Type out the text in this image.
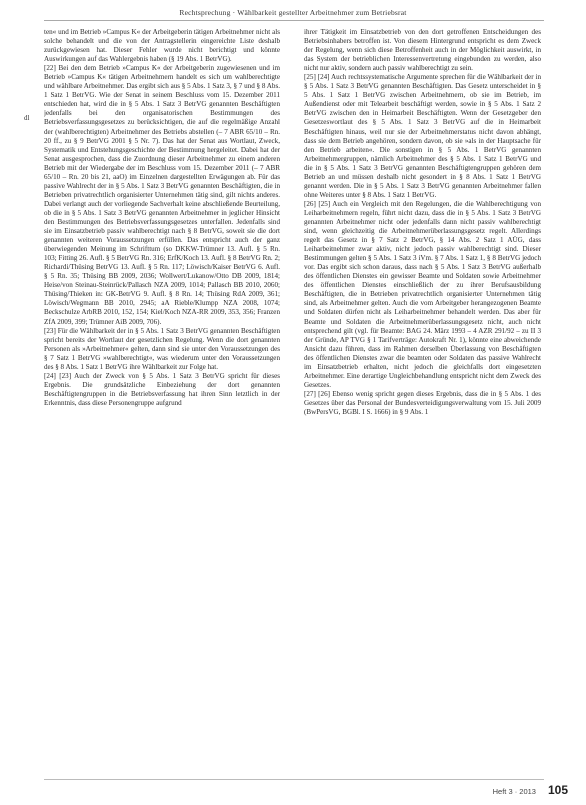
Rechtsprechung · Wählbarkeit gestellter Arbeitnehmer zum Betriebsrat
dl

ten« und im Betrieb »Campus K« der Arbeitgeberin tätigen Arbeitnehmer nicht als solche behandelt und die von der Antragstellerin eingereichte Liste deshalb zurückgewiesen hat. Dieser Fehler wurde nicht berichtigt und könnte Auswirkungen auf das Wahlergebnis haben (§ 19 Abs. 1 BetrVG).

[22] Bei den dem Betrieb »Campus K« der Arbeitgeberin zugewiesenen und im Betrieb »Campus K« tätigen Arbeitnehmern handelt es sich um wahlberechtigte und wählbare Arbeitnehmer. Das ergibt sich aus § 5 Abs. 1 Satz 3, § 7 und § 8 Abs. 1 Satz 1 BetrVG. Wie der Senat in seinem Beschluss vom 15. Dezember 2011 entschieden hat, wird die in § 5 Abs. 1 Satz 3 BetrVG genannten Beschäftigten jedenfalls bei den organisatorischen Bestimmungen des Betriebsverfassungsgesetzes zu berücksichtigen, die auf die regelmäßige Anzahl der (wahlberechtigten) Arbeitnehmer des Betriebs abstellen (– 7 ABR 65/10 – Rn. 20 ff., zu § 9 BetrVG 2001 § 5 Nr. 7). Das hat der Senat aus Wortlaut, Zweck, Systematik und Entstehungsgeschichte der Bestimmung hergeleitet. Dabei hat der Senat ausgesprochen, dass die Zuordnung dieser Arbeitnehmer zu einem anderen Betrieb mit der Wiedergabe der im Beschluss vom 15. Dezember 2011 (– 7 ABR 65/10 – Rn. 20 bis 21, aaO) im Einzelnen dargestellten Erwägungen ab. Für das passive Wahlrecht der in § 5 Abs. 1 Satz 3 BetrVG genannten Beschäftigten, die in Betrieben privatrechtlich organisierter Unternehmen tätig sind, gilt nichts anderes. Dabei verlangt auch der vorliegende Sachverhalt keine abschließende Beurteilung, ob die in § 5 Abs. 1 Satz 3 BetrVG genannten Arbeitnehmer in jeglicher Hinsicht den Bestimmungen des Betriebsverfassungsgesetzes unterfallen. Jedenfalls sind sie im Einsatzbetrieb passiv wahlberechtigt nach § 8 BetrVG, soweit sie die dort genannten weiteren Voraussetzungen erfüllen. Das entspricht auch der ganz überwiegenden Meinung im Schrifttum (so DKKW-Trümner 13. Aufl. § 5 Rn. 103; Fitting 26. Aufl. § 5 BetrVG Rn. 316; ErfK/Koch 13. Aufl. § 8 BetrVG Rn. 2; Richardi/Thüsing BetrVG 13. Aufl. § 5 Rn. 117; Löwisch/Kaiser BetrVG 6. Aufl. § 5 Rn. 35; Thüsing BB 2009, 2036; Wollwert/Lukanow/Otto DB 2009, 1814; Heise/von Steinau-Steinrück/Pallasch NZA 2009, 1014; Pallasch BB 2010, 2060; Thüsing/Thieken in: GK-BetrVG 9. Aufl. § 8 Rn. 14; Thüsing RdA 2009, 361; Löwisch/Wegmann BB 2010, 2945; aA Rieble/Klumpp NZA 2008, 1074; Beckschulze ArbRB 2010, 152, 154; Kiel/Koch NZA-RR 2009, 353, 356; Franzen ZfA 2009, 399; Trümner AiB 2009, 706).

[23] Für die Wählbarkeit der in § 5 Abs. 1 Satz 3 BetrVG genannten Beschäftigten spricht bereits der Wortlaut der gesetzlichen Regelung. Wenn die dort genannten Personen als »Arbeitnehmer« gelten, dann sind sie unter den Voraussetzungen des § 7 Satz 1 BetrVG »wahlberechtigt«, was wiederum unter den Voraussetzungen des § 8 Abs. 1 Satz 1 BetrVG ihre Wählbarkeit zur Folge hat.

[24] [23] Auch der Zweck von § 5 Abs. 1 Satz 3 BetrVG spricht für dieses Ergebnis. Die grundsätzliche Einbeziehung der dort genannten Beschäftigtengruppen in die Betriebsverfassung hat ihren Sinn letztlich in der Erkenntnis, dass diese Personengruppe aufgrund

ihrer Tätigkeit im Einsatzbetrieb von den dort getroffenen Entscheidungen des Betriebsinhabers betroffen ist. Von diesem Hintergrund entspricht es dem Zweck der Regelung, wenn sich diese Betroffenheit auch in der Möglichkeit auswirkt, in das System der betrieblichen Interessenvertretung eingebunden zu werden, also nicht nur aktiv, sondern auch passiv wahlberechtigt zu sein.

[25] [24] Auch rechtssystematische Argumente sprechen für die Wählbarkeit der in § 5 Abs. 1 Satz 3 BetrVG genannten Beschäftigten. Das Gesetz unterscheidet in § 5 Abs. 1 Satz 1 BetrVG zwischen Arbeitnehmern, ob sie im Betrieb, im Außendienst oder mit Telearbeit beschäftigt werden, sowie in § 5 Abs. 1 Satz 2 BetrVG zwischen den in Heimarbeit Beschäftigten. Wenn der Gesetzgeber den Gesetzeswortlaut des § 5 Abs. 1 Satz 3 BetrVG auf die in Heimarbeit Beschäftigten hinaus, weil nur sie der Arbeitnehmerstatus nicht davon abhängt, dass sie dem Betrieb angehören, sondern davon, ob sie »als in der Hauptsache für den Betrieb arbeiten«. Die sonstigen in § 5 Abs. 1 BetrVG genannten Arbeitnehmergruppen, nämlich Arbeitnehmer des § 5 Abs. 1 Satz 1 BetrVG und die in § 5 Abs. 1 Satz 3 BetrVG genannten Beschäftigtengruppen gehören dem Betrieb an und müssen deshalb nicht gesondert in § 8 Abs. 1 Satz 1 BetrVG genannt werden. Die in § 5 Abs. 1 Satz 3 BetrVG genannten Arbeitnehmer fallen ohne Weiteres unter § 8 Abs. 1 Satz 1 BetrVG.

[26] [25] Auch ein Vergleich mit den Regelungen, die die Wahlberechtigung von Leiharbeitnehmern regeln, führt nicht dazu, dass die in § 5 Abs. 1 Satz 3 BetrVG genannten Arbeitnehmer nicht oder jedenfalls dann nicht passiv wahlberechtigt sind, wenn gleichzeitig die Arbeitnehmerüberlassungsgesetz regelt. Allerdings regelt das Gesetz in § 7 Satz 2 BetrVG, § 14 Abs. 2 Satz 1 AÜG, dass Leiharbeitnehmer zwar aktiv, nicht jedoch passiv wahlberechtigt sind. Dieser Bestimmungen gelten § 5 Abs. 1 Satz 3 iVm. § 7 Abs. 1 Satz 1, § 8 BetrVG jedoch vor. Das ergibt sich schon daraus, dass nach § 5 Abs. 1 Satz 3 BetrVG außerhalb des öffentlichen Dienstes ein gewisser Beamte und Soldaten sowie Arbeitnehmer des öffentlichen Dienstes einschließlich der zu ihrer Berufsausbildung Beschäftigten, die in Betrieben privatrechtlich organisierter Unternehmen tätig sind, als Arbeitnehmer gelten. Auch die vom Arbeitgeber herangezogenen Beamte und Soldaten dürfen nicht als Leiharbeitnehmer behandelt werden. Das aber für Beamte und Soldaten die Arbeitnehmerüberlassungsgesetz nicht, auch nicht entsprechend gilt (vgl. für Beamte: BAG 24. März 1993 – 4 AZR 291/92 – zu II 3 der Gründe, AP TVG § 1 Tarifverträge: Autokraft Nr. 1), könnte eine abweichende Ansicht dazu führen, dass im Rahmen derselben Überlassung von Beschäftigten des öffentlichen Dienstes zwar die beamten oder Soldaten das passive Wahlrecht im Einsatzbetrieb erhalten, nicht jedoch die gleichfalls dort eingesetzten Arbeitnehmer. Eine derartige Ungleichbehandlung entspricht nicht dem Zweck des Gesetzes.

[27] [26] Ebenso wenig spricht gegen dieses Ergebnis, dass die in § 5 Abs. 1 des Gesetzes über das Personal der Bundesverteidigungsverwaltung vom 15. Juli 2009 (BwPersVG, BGBl. I S. 1666) in § 9 Abs. 1

Heft 3 · 2013 105
